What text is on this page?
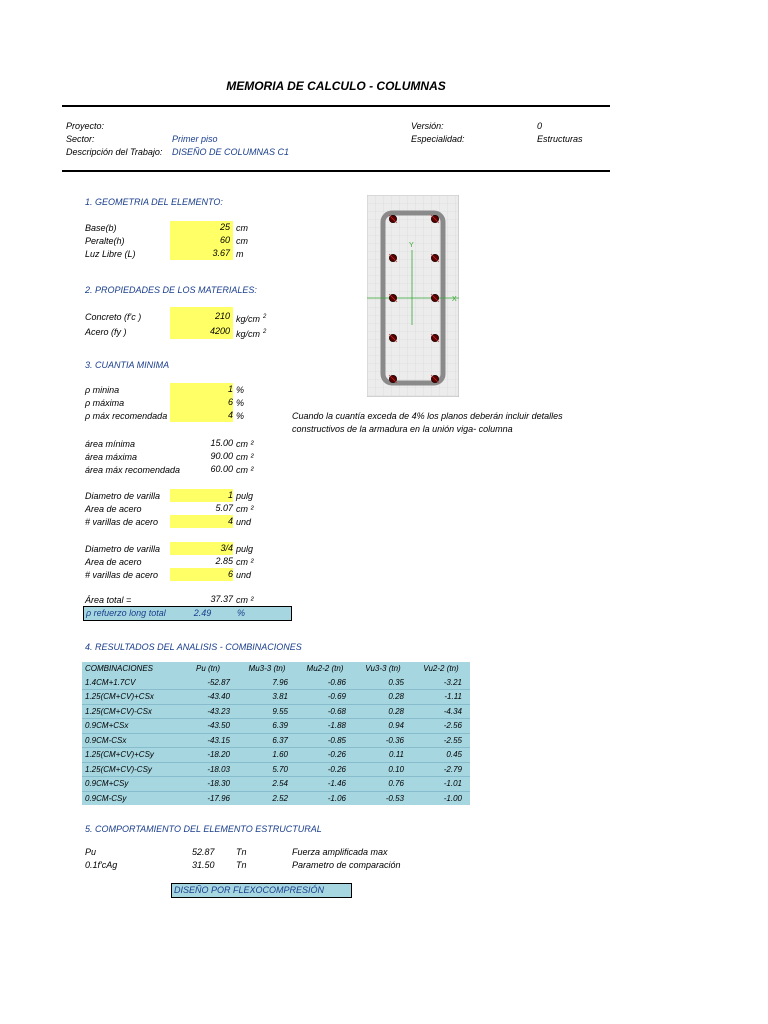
MEMORIA DE CALCULO - COLUMNAS
Proyecto:
Sector:	Primer piso
Descripción del Trabajo: DISEÑO DE COLUMNAS C1
Versión:	0
Especialidad:	Estructuras
1. GEOMETRIA DEL ELEMENTO:
Base(b)	25 cm
Peralte(h)	60 cm
Luz Libre (L)	3.67 m
2. PROPIEDADES DE LOS MATERIALES:
Concreto (f'c )	210 kg/cm $^2$
Acero (fy )	4200 kg/cm $^2$
3. CUANTIA MINIMA
ρ minina	1 %
ρ máxima	6 %
ρ máx recomendada	4 %	Cuando la cuantía exceda de 4% los planos deberán incluir detalles constructivos de la armadura en la unión viga- columna
área mínima	15.00 cm ²
área máxima	90.00 cm ²
área máx recomendada	60.00 cm ²
Diametro de varilla	1 pulg
Area de acero	5.07 cm ²
# varillas de acero	4 und
Diametro de varilla	3/4 pulg
Area de acero	2.85 cm ²
# varillas de acero	6 und
Área total =	37.37 cm ²
ρ refuerzo long total	2.49	%
Y
X
4. RESULTADOS DEL ANALISIS - COMBINACIONES
COMBINACIONES	Pu (tn)	Mu3-3 (tn)	Mu2-2 (tn)	Vu3-3 (tn)	Vu2-2 (tn)
1.4CM+1.7CV	-52.87	7.96	-0.86	0.35	-3.21
1.25(CM+CV)+CSx	-43.40	3.81	-0.69	0.28	-1.11
1.25(CM+CV)-CSx	-43.23	9.55	-0.68	0.28	-4.34
0.9CM+CSx	-43.50	6.39	-1.88	0.94	-2.56
0.9CM-CSx	-43.15	6.37	-0.85	-0.36	-2.55
1.25(CM+CV)+CSy	-18.20	1.60	-0.26	0.11	0.45
1.25(CM+CV)-CSy	-18.03	5.70	-0.26	0.10	-2.79
0.9CM+CSy	-18.30	2.54	-1.46	0.76	-1.01
0.9CM-CSy	-17.96	2.52	-1.06	-0.53	-1.00
5. COMPORTAMIENTO DEL ELEMENTO ESTRUCTURAL
Pu	52.87 Tn	Fuerza amplificada max
0.1f'cAg	31.50 Tn	Parametro de comparación
DISEÑO POR FLEXOCOMPRESIÓN
